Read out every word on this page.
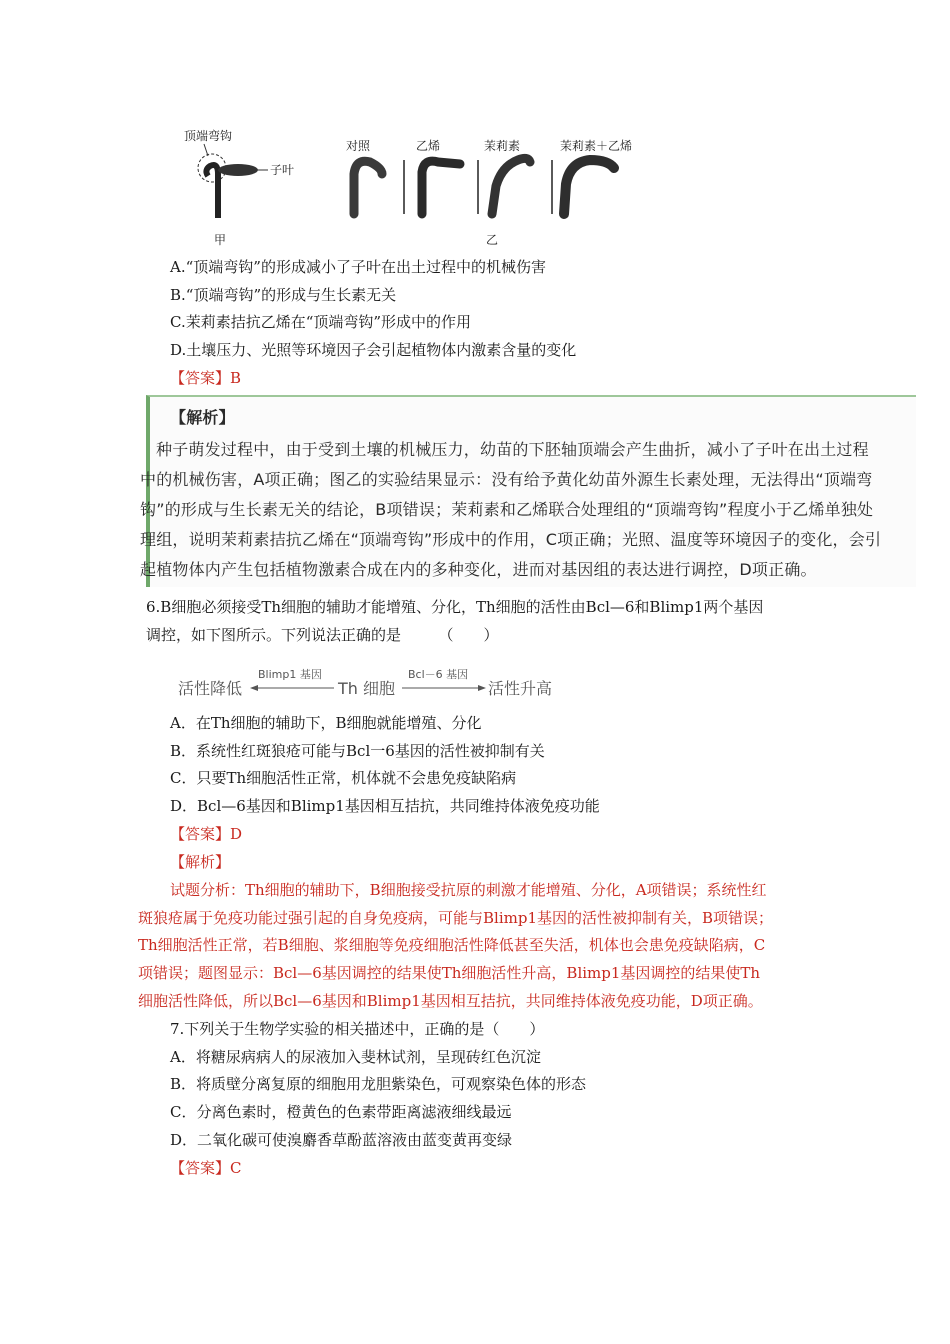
顶端弯钩
子叶
甲
对照	乙烯	茉莉素	茉莉素＋乙烯
乙
A.“顶端弯钩”的形成减小了子叶在出土过程中的机械伤害
B.“顶端弯钩”的形成与生长素无关
C.茉莉素拮抗乙烯在“顶端弯钩”形成中的作用
D.土壤压力、光照等环境因子会引起植物体内激素含量的变化
【答案】B
【解析】
种子萌发过程中，由于受到土壤的机械压力，幼苗的下胚轴顶端会产生曲折，减小了子叶在出土过程
中的机械伤害，A项正确；图乙的实验结果显示：没有给予黄化幼苗外源生长素处理，无法得出“顶端弯
钩”的形成与生长素无关的结论，B项错误；茉莉素和乙烯联合处理组的“顶端弯钩”程度小于乙烯单独处
理组，说明茉莉素拮抗乙烯在“顶端弯钩”形成中的作用，C项正确；光照、温度等环境因子的变化，会引
起植物体内产生包括植物激素合成在内的多种变化，进而对基因组的表达进行调控，D项正确。
6.B细胞必须接受Th细胞的辅助才能增殖、分化，Th细胞的活性由Bcl—6和Blimp1两个基因
调控，如下图所示。下列说法正确的是　　　（　　）
活性降低
Blimp1 基因
Th 细胞
Bcl－6 基因
活性升高
A．在Th细胞的辅助下，B细胞就能增殖、分化
B．系统性红斑狼疮可能与Bcl一6基因的活性被抑制有关
C．只要Th细胞活性正常，机体就不会患免疫缺陷病
D．Bcl—6基因和Blimp1基因相互拮抗，共同维持体液免疫功能
【答案】D
【解析】
试题分析：Th细胞的辅助下，B细胞接受抗原的刺激才能增殖、分化，A项错误；系统性红
斑狼疮属于免疫功能过强引起的自身免疫病，可能与Blimp1基因的活性被抑制有关，B项错误；
Th细胞活性正常，若B细胞、浆细胞等免疫细胞活性降低甚至失活，机体也会患免疫缺陷病，C
项错误；题图显示：Bcl—6基因调控的结果使Th细胞活性升高，Blimp1基因调控的结果使Th
细胞活性降低，所以Bcl—6基因和Blimp1基因相互拮抗，共同维持体液免疫功能，D项正确。
7.下列关于生物学实验的相关描述中，正确的是（　　）
A．将糖尿病病人的尿液加入斐林试剂，呈现砖红色沉淀
B．将质壁分离复原的细胞用龙胆紫染色，可观察染色体的形态
C．分离色素时，橙黄色的色素带距离滤液细线最远
D．二氧化碳可使溴麝香草酚蓝溶液由蓝变黄再变绿
【答案】C
